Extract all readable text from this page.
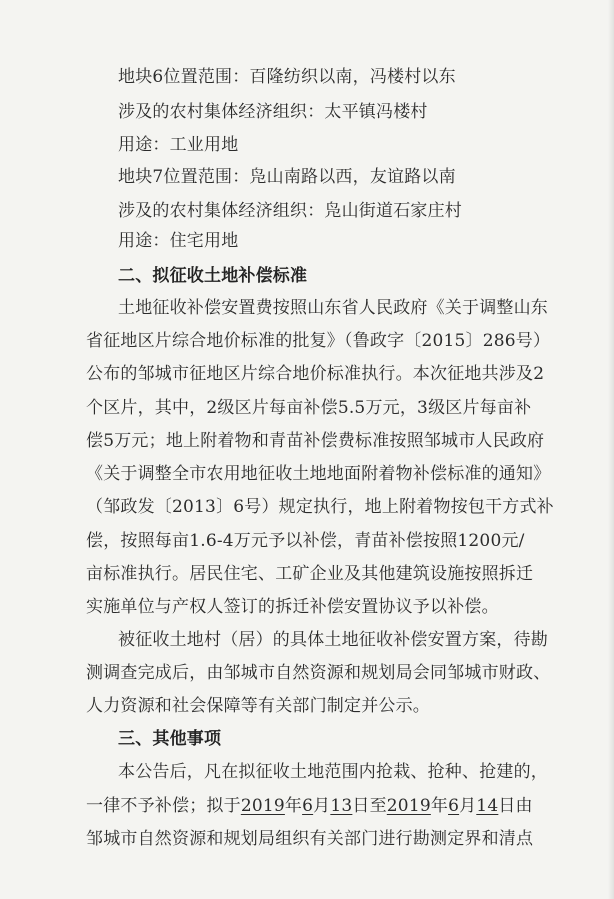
地块6位置范围：百隆纺织以南，冯楼村以东
涉及的农村集体经济组织：太平镇冯楼村
用途：工业用地
地块7位置范围：凫山南路以西，友谊路以南
涉及的农村集体经济组织：凫山街道石家庄村
用途：住宅用地
二、拟征收土地补偿标准
土地征收补偿安置费按照山东省人民政府《关于调整山东
省征地区片综合地价标准的批复》（鲁政字〔2015〕286号）
公布的邹城市征地区片综合地价标准执行。本次征地共涉及2
个区片，其中，2级区片每亩补偿5.5万元，3级区片每亩补
偿5万元；地上附着物和青苗补偿费标准按照邹城市人民政府
《关于调整全市农用地征收土地地面附着物补偿标准的通知》
（邹政发〔2013〕6号）规定执行，地上附着物按包干方式补
偿，按照每亩1.6-4万元予以补偿，青苗补偿按照1200元/
亩标准执行。居民住宅、工矿企业及其他建筑设施按照拆迁
实施单位与产权人签订的拆迁补偿安置协议予以补偿。
被征收土地村（居）的具体土地征收补偿安置方案，待勘
测调查完成后，由邹城市自然资源和规划局会同邹城市财政、
人力资源和社会保障等有关部门制定并公示。
三、其他事项
本公告后，凡在拟征收土地范围内抢栽、抢种、抢建的，
一律不予补偿；拟于2019年6月13日至2019年6月14日由
邹城市自然资源和规划局组织有关部门进行勘测定界和清点
